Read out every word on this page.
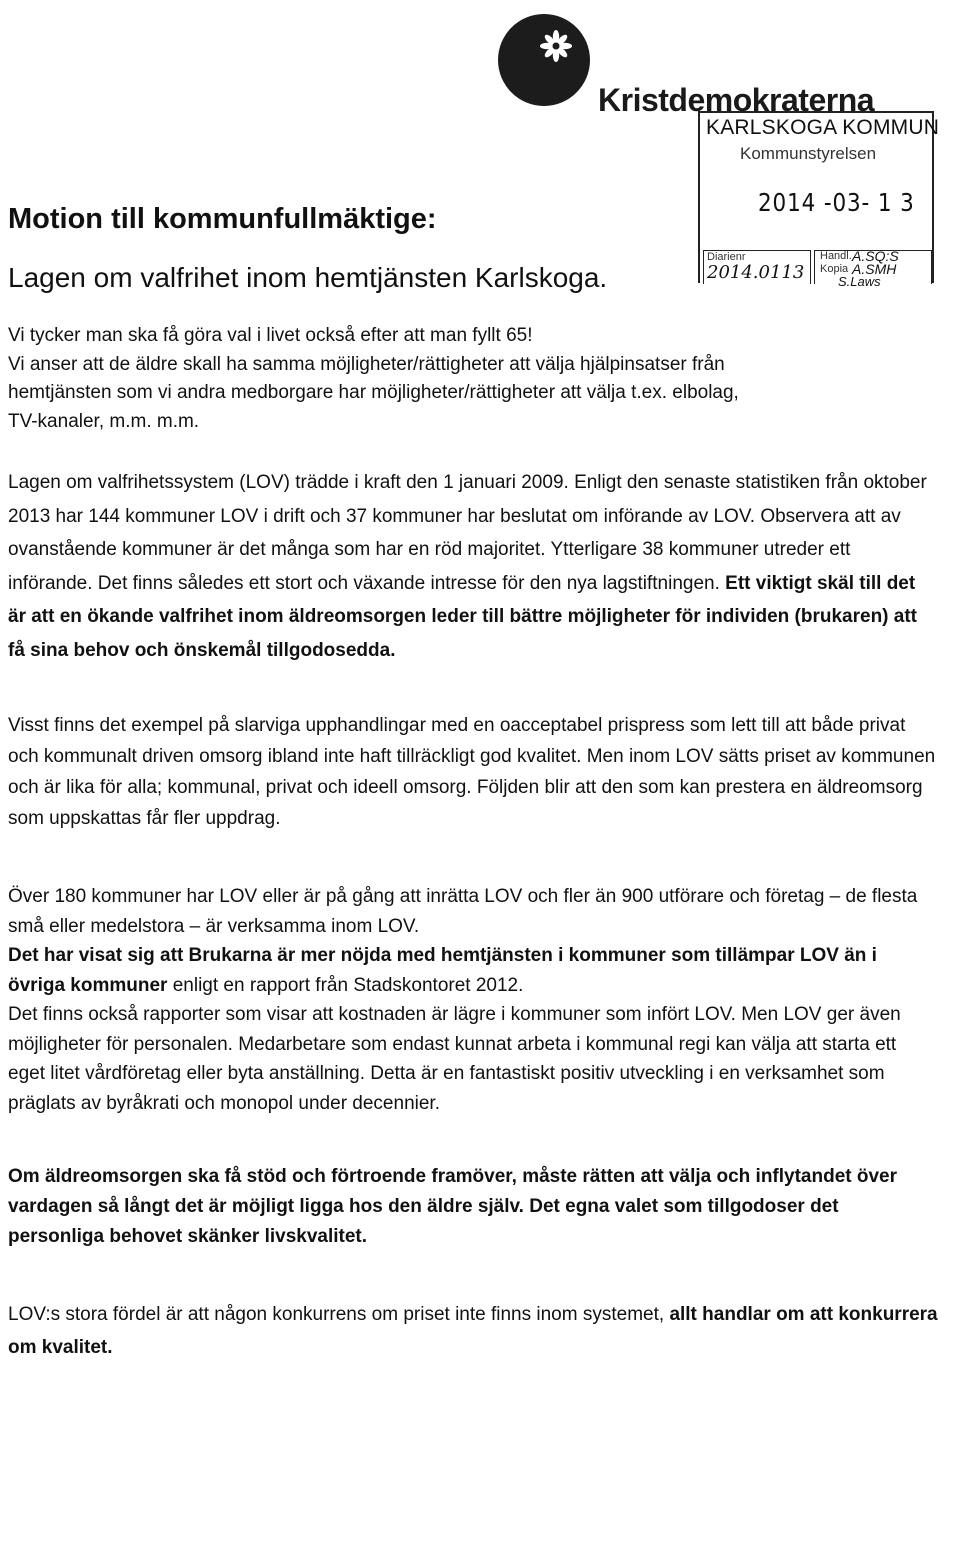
Kristdemokraterna
KARLSKOGA KOMMUN
Kommunstyrelsen
2014 -03- 1 3
Diarienr
2014.0113
Handl.
Kopia
A.SQ:S
A.SMH
S.Laws
Motion till kommunfullmäktige:
Lagen om valfrihet inom hemtjänsten Karlskoga.
Vi tycker man ska få göra val i livet också efter att man fyllt 65!
Vi anser att de äldre skall ha samma möjligheter/rättigheter att välja hjälpinsatser från
hemtjänsten som vi andra medborgare har möjligheter/rättigheter att välja t.ex. elbolag,
TV-kanaler, m.m. m.m.
Lagen om valfrihetssystem (LOV) trädde i kraft den 1 januari 2009. Enligt den senaste statistiken från oktober 2013 har 144 kommuner LOV i drift och 37 kommuner har beslutat om införande av LOV. Observera att av ovanstående kommuner är det många som har en röd majoritet. Ytterligare 38 kommuner utreder ett införande. Det finns således ett stort och växande intresse för den nya lagstiftningen. Ett viktigt skäl till det är att en ökande valfrihet inom äldreomsorgen leder till bättre möjligheter för individen (brukaren) att få sina behov och önskemål tillgodosedda.
Visst finns det exempel på slarviga upphandlingar med en oacceptabel prispress som lett till att både privat och kommunalt driven omsorg ibland inte haft tillräckligt god kvalitet. Men inom LOV sätts priset av kommunen och är lika för alla; kommunal, privat och ideell omsorg. Följden blir att den som kan prestera en äldreomsorg som uppskattas får fler uppdrag.
Över 180 kommuner har LOV eller är på gång att inrätta LOV och fler än 900 utförare och företag – de flesta små eller medelstora – är verksamma inom LOV.
Det har visat sig att Brukarna är mer nöjda med hemtjänsten i kommuner som tillämpar LOV än i övriga kommuner enligt en rapport från Stadskontoret 2012.
Det finns också rapporter som visar att kostnaden är lägre i kommuner som infört LOV. Men LOV ger även möjligheter för personalen. Medarbetare som endast kunnat arbeta i kommunal regi kan välja att starta ett eget litet vårdföretag eller byta anställning. Detta är en fantastiskt positiv utveckling i en verksamhet som präglats av byråkrati och monopol under decennier.
Om äldreomsorgen ska få stöd och förtroende framöver, måste rätten att välja och inflytandet över vardagen så långt det är möjligt ligga hos den äldre själv. Det egna valet som tillgodoser det personliga behovet skänker livskvalitet.
LOV:s stora fördel är att någon konkurrens om priset inte finns inom systemet, allt handlar om att konkurrera om kvalitet.
